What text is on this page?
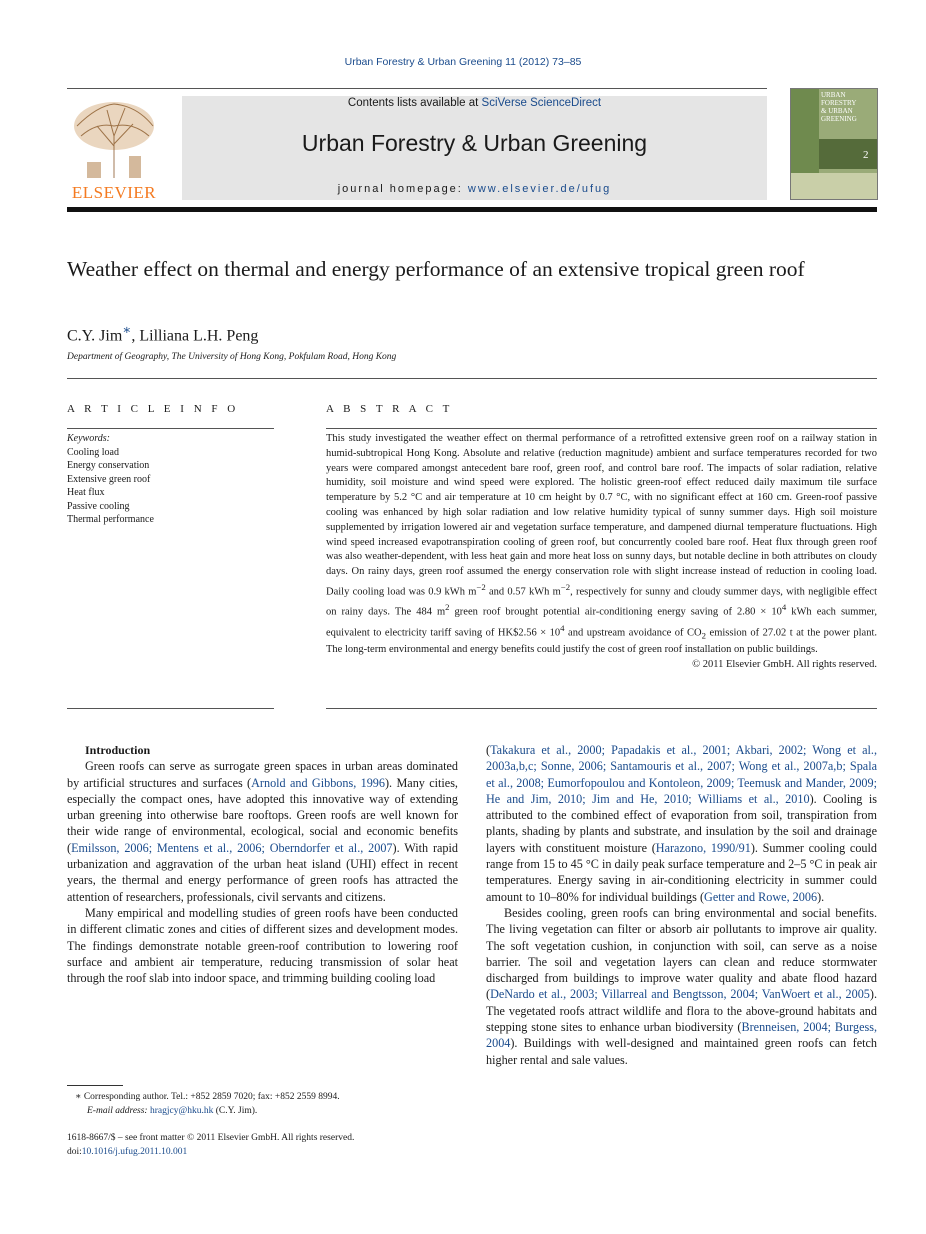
Urban Forestry & Urban Greening 11 (2012) 73–85
ELSEVIER
Contents lists available at SciVerse ScienceDirect
Urban Forestry & Urban Greening
journal homepage: www.elsevier.de/ufug
URBAN
FORESTRY
& URBAN
GREENING
2
Weather effect on thermal and energy performance of an extensive tropical green roof
C.Y. Jim∗, Lilliana L.H. Peng
Department of Geography, The University of Hong Kong, Pokfulam Road, Hong Kong
A R T I C L E I N F O	A B S T R A C T
Keywords:
Cooling load
Energy conservation
Extensive green roof
Heat flux
Passive cooling
Thermal performance
This study investigated the weather effect on thermal performance of a retrofitted extensive green roof on a railway station in humid-subtropical Hong Kong. Absolute and relative (reduction magnitude) ambient and surface temperatures recorded for two years were compared amongst antecedent bare roof, green roof, and control bare roof. The impacts of solar radiation, relative humidity, soil moisture and wind speed were explored. The holistic green-roof effect reduced daily maximum tile surface temperature by 5.2 °C and air temperature at 10 cm height by 0.7 °C, with no significant effect at 160 cm. Green-roof passive cooling was enhanced by high solar radiation and low relative humidity typical of sunny summer days. High soil moisture supplemented by irrigation lowered air and vegetation surface temperature, and dampened diurnal temperature fluctuations. High wind speed increased evapotranspiration cooling of green roof, but concurrently cooled bare roof. Heat flux through green roof was also weather-dependent, with less heat gain and more heat loss on sunny days, but notable decline in both attributes on cloudy days. On rainy days, green roof assumed the energy conservation role with slight increase instead of reduction in cooling load. Daily cooling load was 0.9 kWh $m^{-2}$ and 0.57 kWh $m^{-2}$, respectively for sunny and cloudy summer days, with negligible effect on rainy days. The 484 $m^2$ green roof brought potential air-conditioning energy saving of $2.80 \times 10^4$ kWh each summer, equivalent to electricity tariff saving of HK$2.56 × $10^4$ and upstream avoidance of $CO_2$ emission of 27.02 t at the power plant. The long-term environmental and energy benefits could justify the cost of green roof installation on public buildings.
© 2011 Elsevier GmbH. All rights reserved.

Introduction

Green roofs can serve as surrogate green spaces in urban areas dominated by artificial structures and surfaces (Arnold and Gibbons, 1996). Many cities, especially the compact ones, have adopted this innovative way of extending urban greening into otherwise bare rooftops. Green roofs are well known for their wide range of environmental, ecological, social and economic benefits (Emilsson, 2006; Mentens et al., 2006; Oberndorfer et al., 2007). With rapid urbanization and aggravation of the urban heat island (UHI) effect in recent years, the thermal and energy performance of green roofs has attracted the attention of researchers, professionals, civil servants and citizens.

Many empirical and modelling studies of green roofs have been conducted in different climatic zones and cities of different sizes and development modes. The findings demonstrate notable green-roof contribution to lowering roof surface and ambient air temperature, reducing transmission of solar heat through the roof slab into indoor space, and trimming building cooling load

(Takakura et al., 2000; Papadakis et al., 2001; Akbari, 2002; Wong et al., 2003a,b,c; Sonne, 2006; Santamouris et al., 2007; Wong et al., 2007a,b; Spala et al., 2008; Eumorfopoulou and Kontoleon, 2009; Teemusk and Mander, 2009; He and Jim, 2010; Jim and He, 2010; Williams et al., 2010). Cooling is attributed to the combined effect of evaporation from soil, transpiration from plants, shading by plants and substrate, and insulation by the soil and drainage layers with constituent moisture (Harazono, 1990/91). Summer cooling could range from 15 to 45 °C in daily peak surface temperature and 2–5 °C in peak air temperatures. Energy saving in air-conditioning electricity in summer could amount to 10–80% for individual buildings (Getter and Rowe, 2006).

Besides cooling, green roofs can bring environmental and social benefits. The living vegetation can filter or absorb air pollutants to improve air quality. The soft vegetation cushion, in conjunction with soil, can serve as a noise barrier. The soil and vegetation layers can clean and reduce stormwater discharged from buildings to improve water quality and abate flood hazard (DeNardo et al., 2003; Villarreal and Bengtsson, 2004; VanWoert et al., 2005). The vegetated roofs attract wildlife and flora to the above-ground habitats and stepping stone sites to enhance urban biodiversity (Brenneisen, 2004; Burgess, 2004). Buildings with well-designed and maintained green roofs can fetch higher rental and sale values.

∗ Corresponding author. Tel.: +852 2859 7020; fax: +852 2559 8994.
E-mail address: hragjcy@hku.hk (C.Y. Jim).
1618-8667/$ – see front matter © 2011 Elsevier GmbH. All rights reserved.
doi:10.1016/j.ufug.2011.10.001
